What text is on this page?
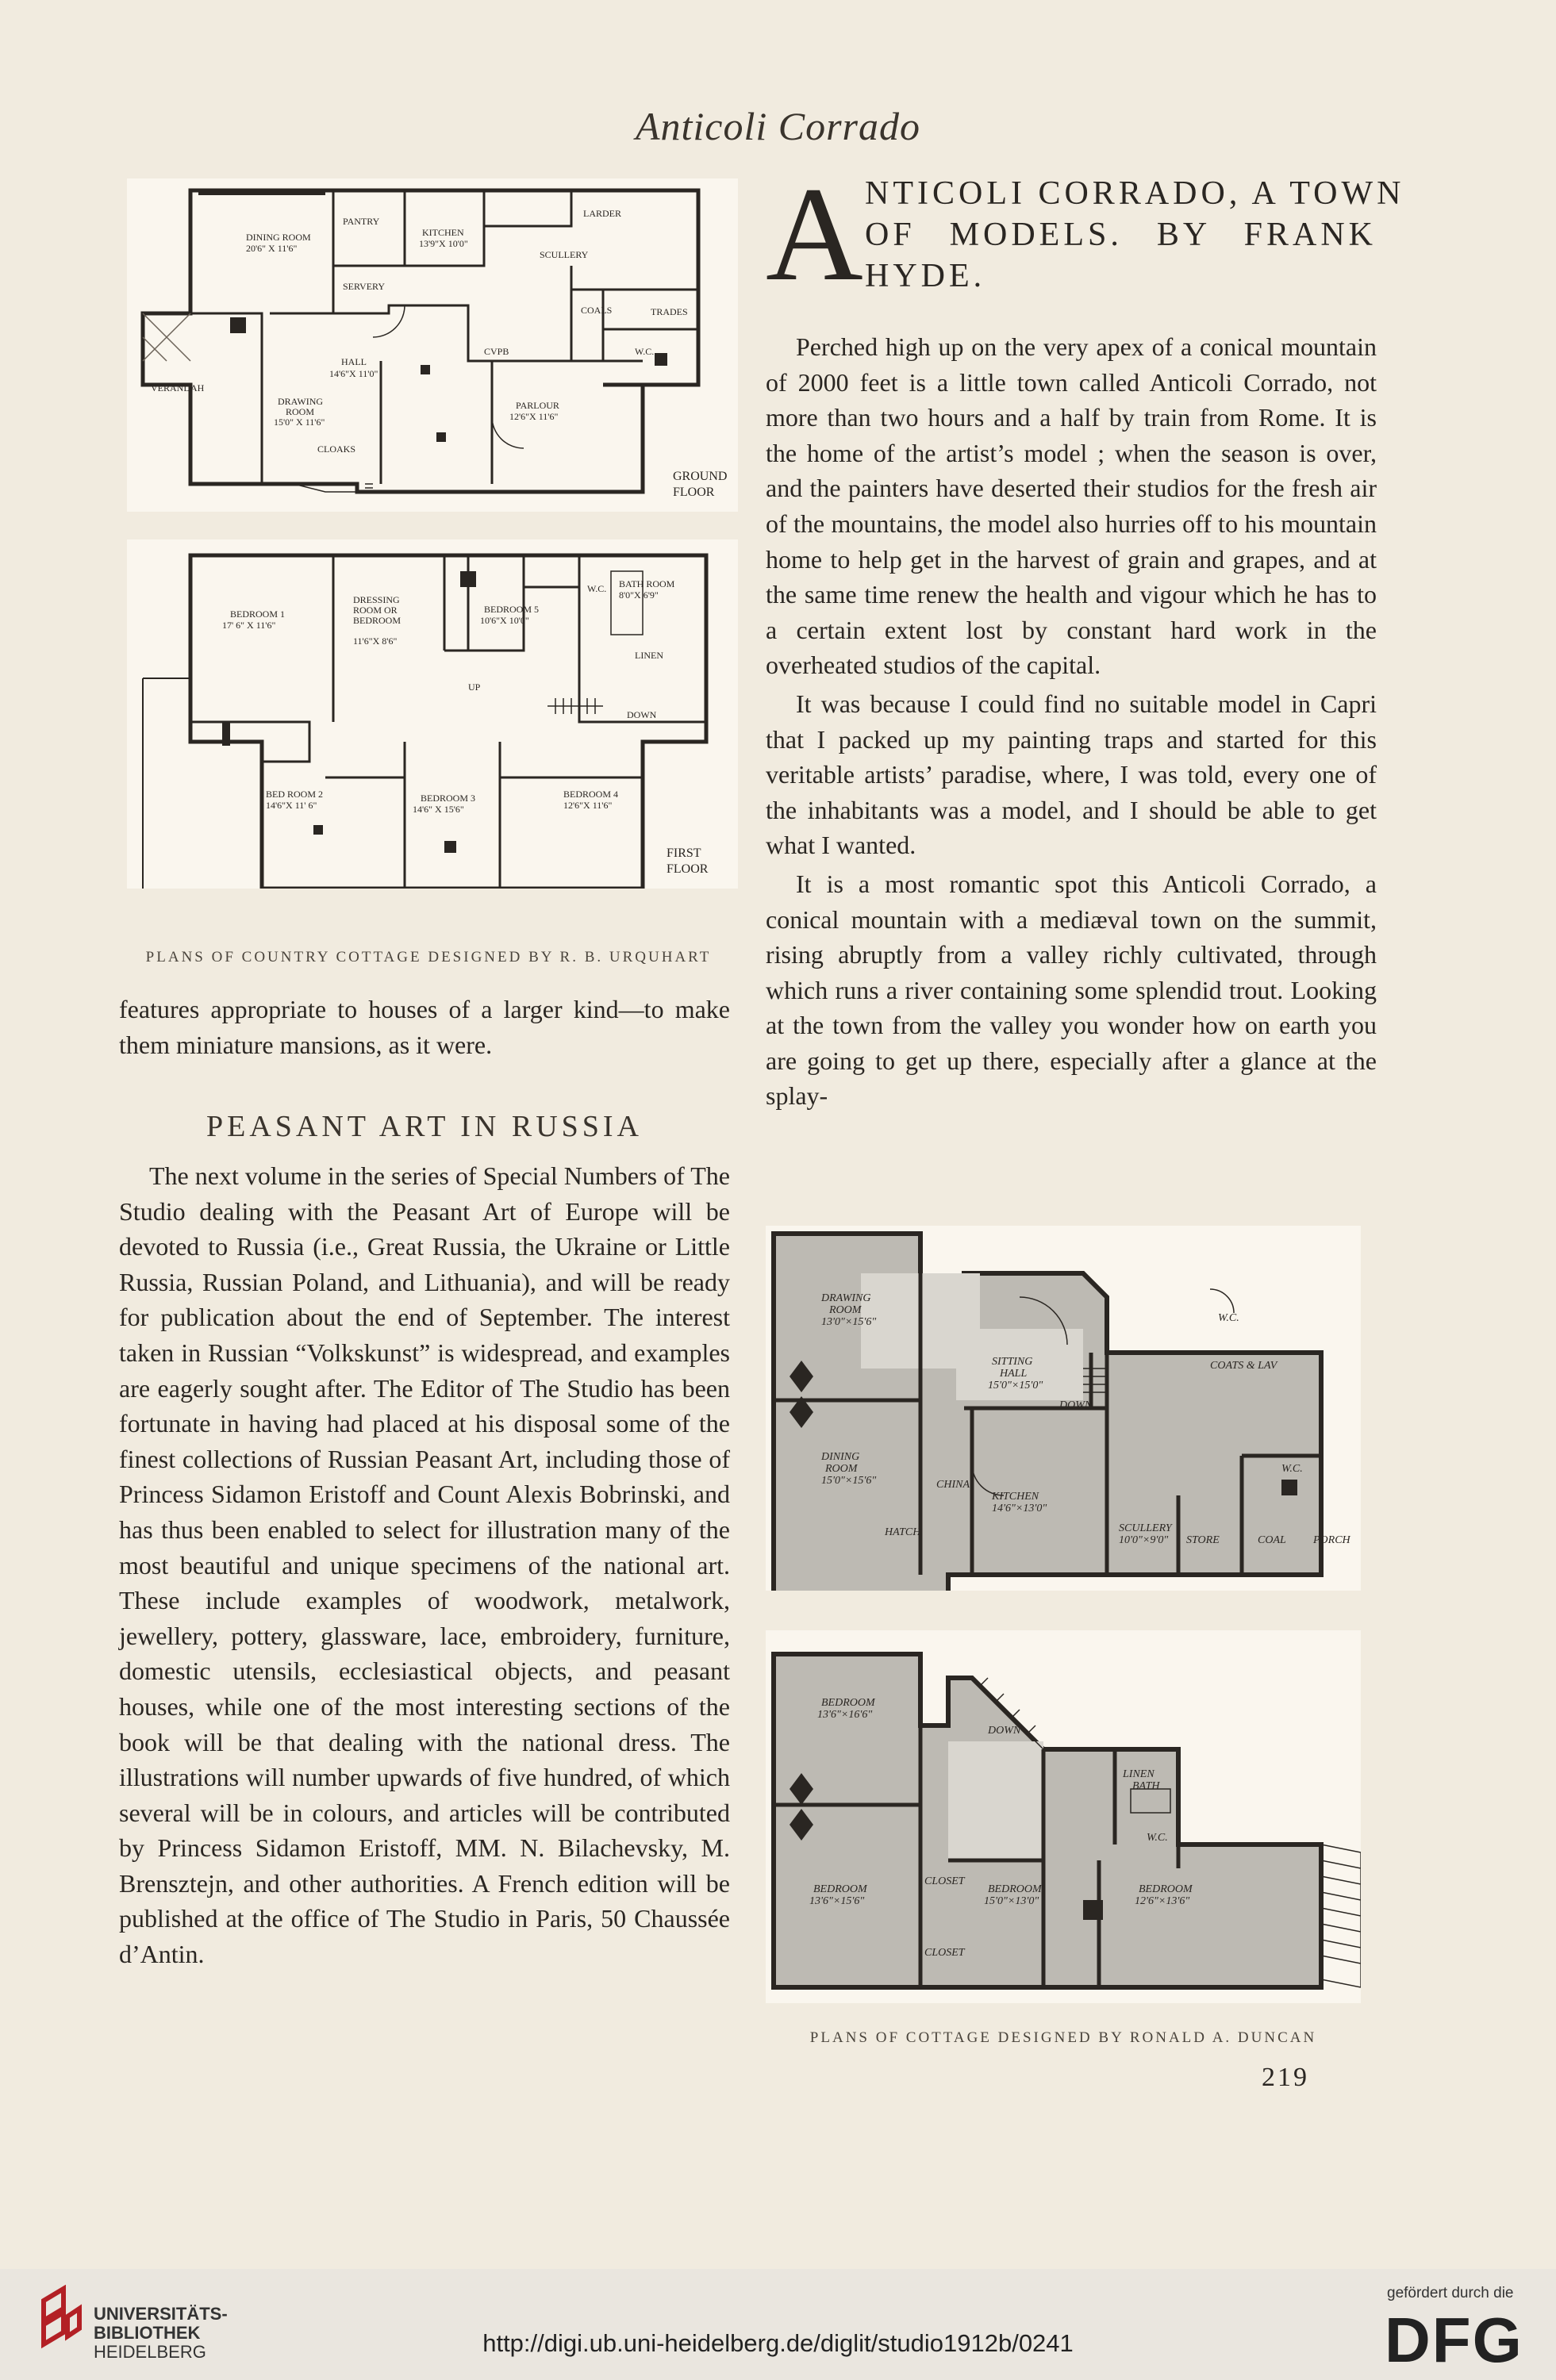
Anticoli Corrado
DINING ROOM
20'6" X 11'6"
PANTRY
KITCHEN
13'9"X 10'0"
LARDER
SCULLERY
SERVERY
COALS	TRADES
HALL
14'6"X 11'0"
CVPB	W.C.
VERANDAH
DRAWING
ROOM
15'0" X 11'6"
CLOAKS
PARLOUR
12'6"X 11'6"
GROUND
FLOOR
BEDROOM 1
17' 6" X 11'6"
DRESSING
ROOM OR
BEDROOM
11'6"X 8'6"
BEDROOM 5
10'6"X 10'0"
W.C. BATH ROOM
8'0"X 6'9"
LINEN
UP
DOWN
BED ROOM 2
14'6"X 11' 6"
BEDROOM 3
14'6" X 15'6"
BEDROOM 4
12'6"X 11'6"
FIRST
FLOOR
PLANS OF COUNTRY COTTAGE DESIGNED BY R. B. URQUHART

features appropriate to houses of a larger kind—to make them miniature mansions, as it were.

PEASANT ART IN RUSSIA

The next volume in the series of Special Numbers of The Studio dealing with the Peasant Art of Europe will be devoted to Russia (i.e., Great Russia, the Ukraine or Little Russia, Russian Poland, and Lithuania), and will be ready for publication about the end of September. The interest taken in Russian “Volkskunst” is widespread, and examples are eagerly sought after. The Editor of The Studio has been fortunate in having had placed at his disposal some of the finest collections of Russian Peasant Art, including those of Princess Sidamon Eristoff and Count Alexis Bobrinski, and has thus been enabled to select for illustration many of the most beautiful and unique specimens of the national art. These include examples of woodwork, metalwork, jewellery, pottery, glassware, lace, embroidery, furniture, domestic utensils, ecclesiastical objects, and peasant houses, while one of the most interesting sections of the book will be that dealing with the national dress. The illustrations will number upwards of five hundred, of which several will be in colours, and articles will be contributed by Princess Sidamon Eristoff, MM. N. Bilachevsky, M. Brensztejn, and other authorities. A French edition will be published at the office of The Studio in Paris, 50 Chaussée d’Antin.

A NTICOLI CORRADO, A TOWN
OF MODELS. BY FRANK
HYDE.

Perched high up on the very apex of a conical mountain of 2000 feet is a little town called Anticoli Corrado, not more than two hours and a half by train from Rome. It is the home of the artist’s model ; when the season is over, and the painters have deserted their studios for the fresh air of the mountains, the model also hurries off to his mountain home to help get in the harvest of grain and grapes, and at the same time renew the health and vigour which he has to a certain extent lost by constant hard work in the overheated studios of the capital.

It was because I could find no suitable model in Capri that I packed up my painting traps and started for this veritable artists’ paradise, where, I was told, every one of the inhabitants was a model, and I should be able to get what I wanted.

It is a most romantic spot this Anticoli Corrado, a conical mountain with a mediæval town on the summit, rising abruptly from a valley richly cultivated, through which runs a river containing some splendid trout. Looking at the town from the valley you wonder how on earth you are going to get up there, especially after a glance at the splay-

DRAWING
ROOM
13'0"×15'6"
SITTING
HALL
15'0"×15'0"
DINING
ROOM
15'0"×15'6"	CHINA
HATCH
KITCHEN
14'6"×13'0"
SCULLERY
10'0"×9'0"
DOWN
W.C.
COATS & LAV
W.C.
COAL PORCH
STORE
BEDROOM
13'6"×16'6"
BEDROOM
13'6"×15'6"
LINEN
BATH
W.C.
BEDROOM
15'0"×13'0"
BEDROOM
12'6"×13'6"
DOWN
CLOSET
CLOSET
PLANS OF COTTAGE DESIGNED BY RONALD A. DUNCAN
219
UNIVERSITÄTS-
BIBLIOTHEK
HEIDELBERG	http://digi.ub.uni-heidelberg.de/diglit/studio1912b/0241
gefördert durch die
DFG
